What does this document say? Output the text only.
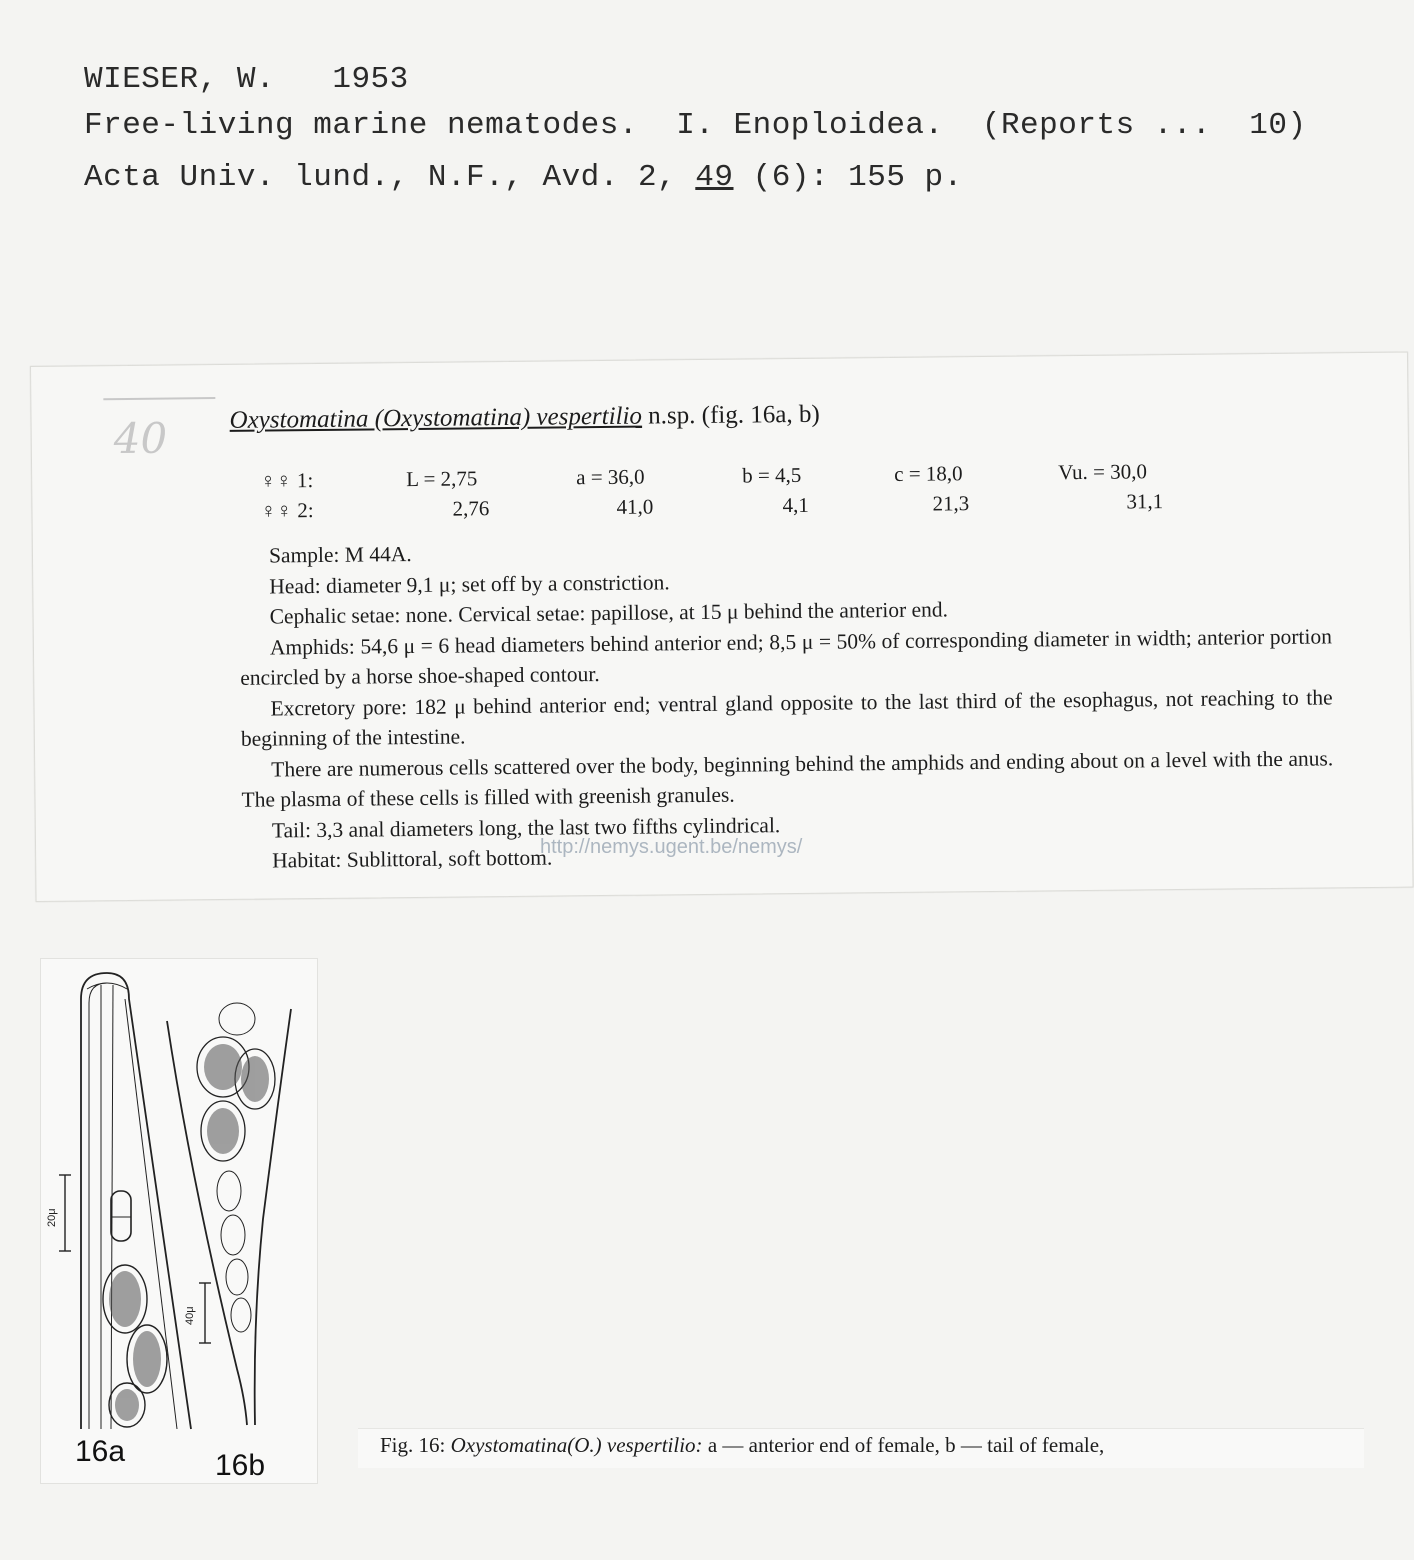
WIESER, W.   1953
Free-living marine nematodes.  I. Enoploidea.  (Reports ...  10)
Acta Univ. lund., N.F., Avd. 2, 49 (6): 155 p.
40 Oxystomatina (Oxystomatina) vespertilio n.sp. (fig. 16a, b)
♀♀ 1:	L = 2,75	a = 36,0	b = 4,5	c = 18,0	Vu. = 30,0
♀♀ 2:	2,76	41,0	4,1	21,3	31,1

Sample: M 44A.

Head: diameter 9,1 μ; set off by a constriction.

Cephalic setae: none. Cervical setae: papillose, at 15 μ behind the anterior end.

Amphids: 54,6 μ = 6 head diameters behind anterior end; 8,5 μ = 50% of corresponding diameter in width; anterior portion encircled by a horse shoe-shaped contour.

Excretory pore: 182 μ behind anterior end; ventral gland opposite to the last third of the esophagus, not reaching to the beginning of the intestine.

There are numerous cells scattered over the body, beginning behind the amphids and ending about on a level with the anus. The plasma of these cells is filled with greenish granules.

Tail: 3,3 anal diameters long, the last two fifths cylindrical.

Habitat: Sublittoral, soft bottom.

http://nemys.ugent.be/nemys/
20μ
40μ
16a	16b
Fig. 16: Oxystomatina(O.) vespertilio: a — anterior end of female, b — tail of female,
